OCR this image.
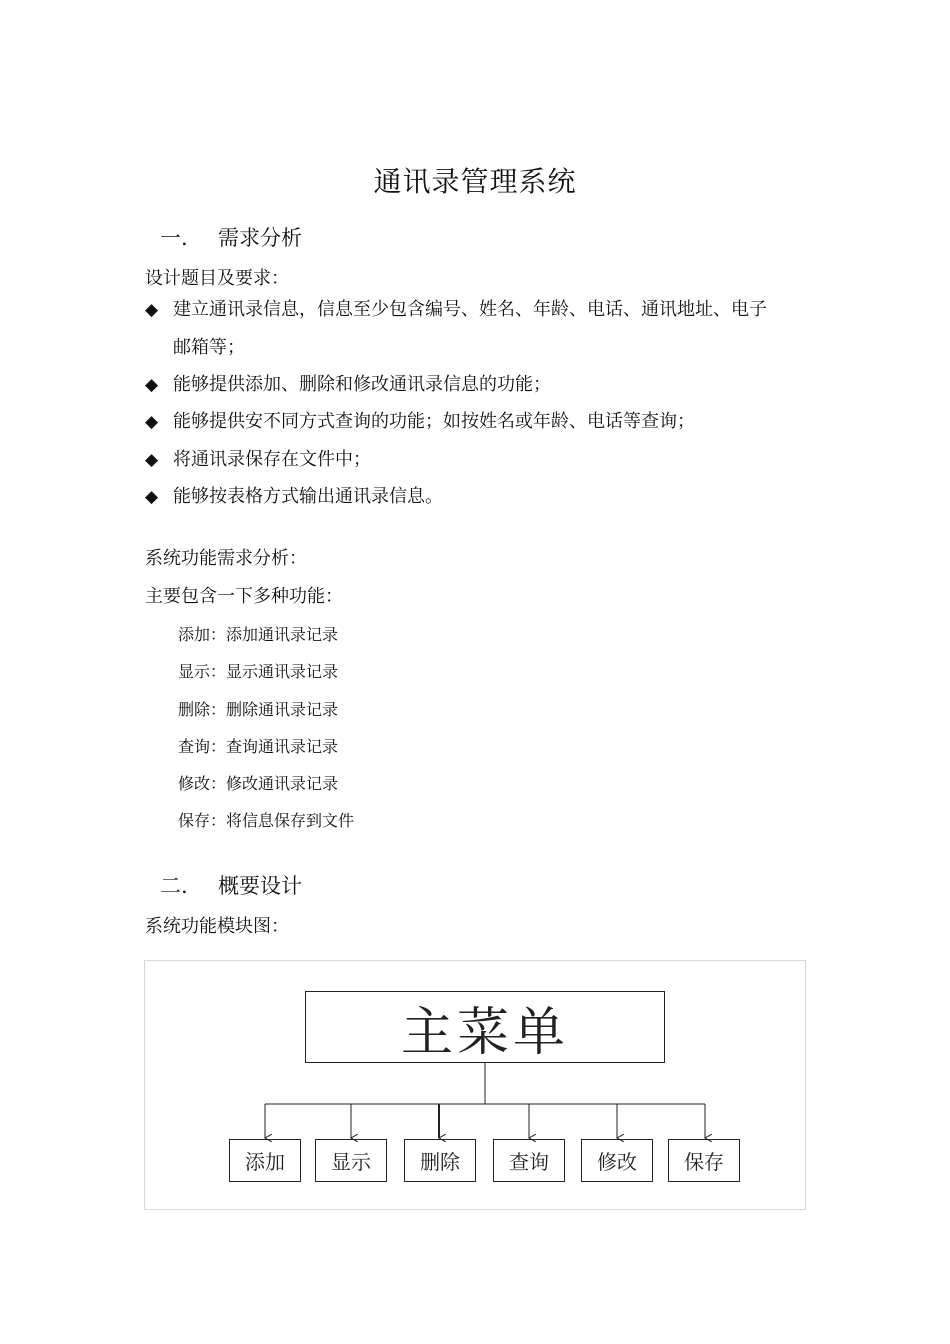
通讯录管理系统
一. 需求分析
设计题目及要求：
◆ 建立通讯录信息，信息至少包含编号、姓名、年龄、电话、通讯地址、电子
邮箱等；
◆ 能够提供添加、删除和修改通讯录信息的功能；
◆ 能够提供安不同方式查询的功能；如按姓名或年龄、电话等查询；
◆ 将通讯录保存在文件中；
◆ 能够按表格方式输出通讯录信息。
系统功能需求分析：
主要包含一下多种功能：
添加：添加通讯录记录
显示：显示通讯录记录
删除：删除通讯录记录
查询：查询通讯录记录
修改：修改通讯录记录
保存：将信息保存到文件
二. 概要设计
系统功能模块图：
主菜单
添加	显示	删除	查询	修改	保存
